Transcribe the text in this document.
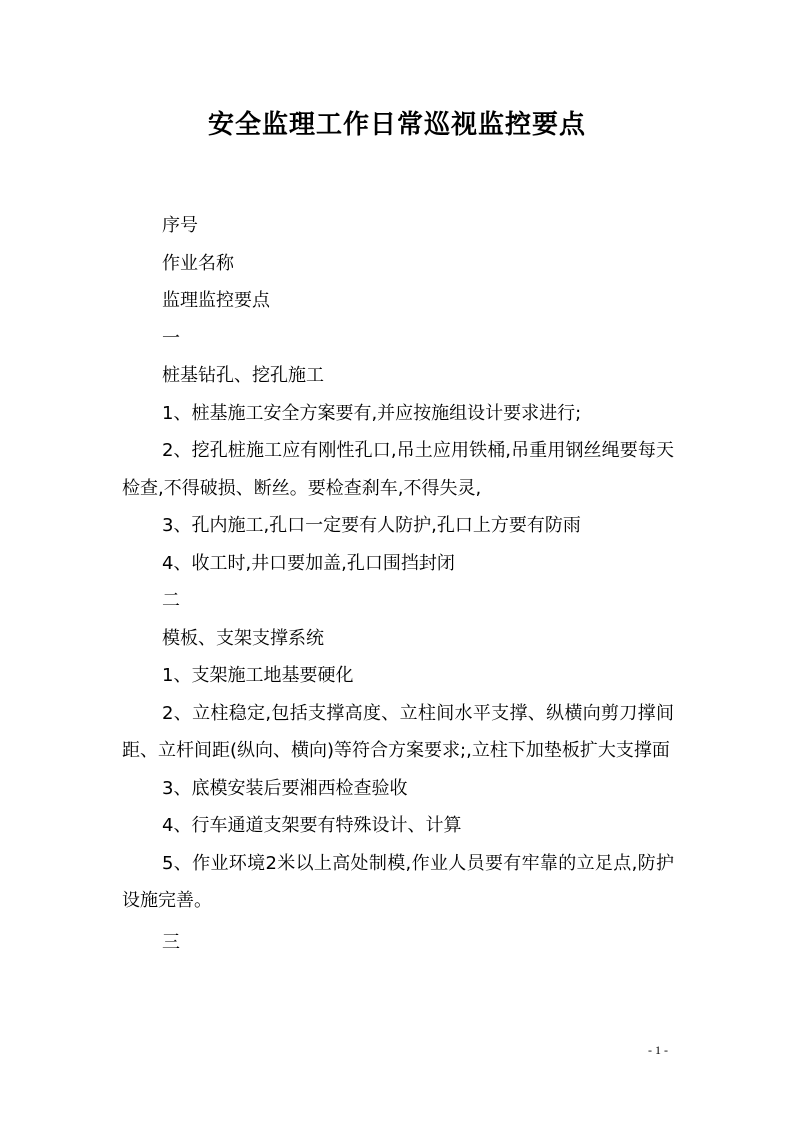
安全监理工作日常巡视监控要点

序号

作业名称

监理监控要点

一

桩基钻孔、挖孔施工

1、桩基施工安全方案要有,并应按施组设计要求进行;

2、挖孔桩施工应有刚性孔口,吊土应用铁桶,吊重用钢丝绳要每天检查,不得破损、断丝。要检查刹车,不得失灵,

3、孔内施工,孔口一定要有人防护,孔口上方要有防雨

4、收工时,井口要加盖,孔口围挡封闭

二

模板、支架支撑系统

1、支架施工地基要硬化

2、立柱稳定,包括支撑高度、立柱间水平支撑、纵横向剪刀撑间距、立杆间距(纵向、横向)等符合方案要求;,立柱下加垫板扩大支撑面

3、底模安装后要湘西检查验收

4、行车通道支架要有特殊设计、计算

5、作业环境2米以上高处制模,作业人员要有牢靠的立足点,防护设施完善。

三

- 1 -
